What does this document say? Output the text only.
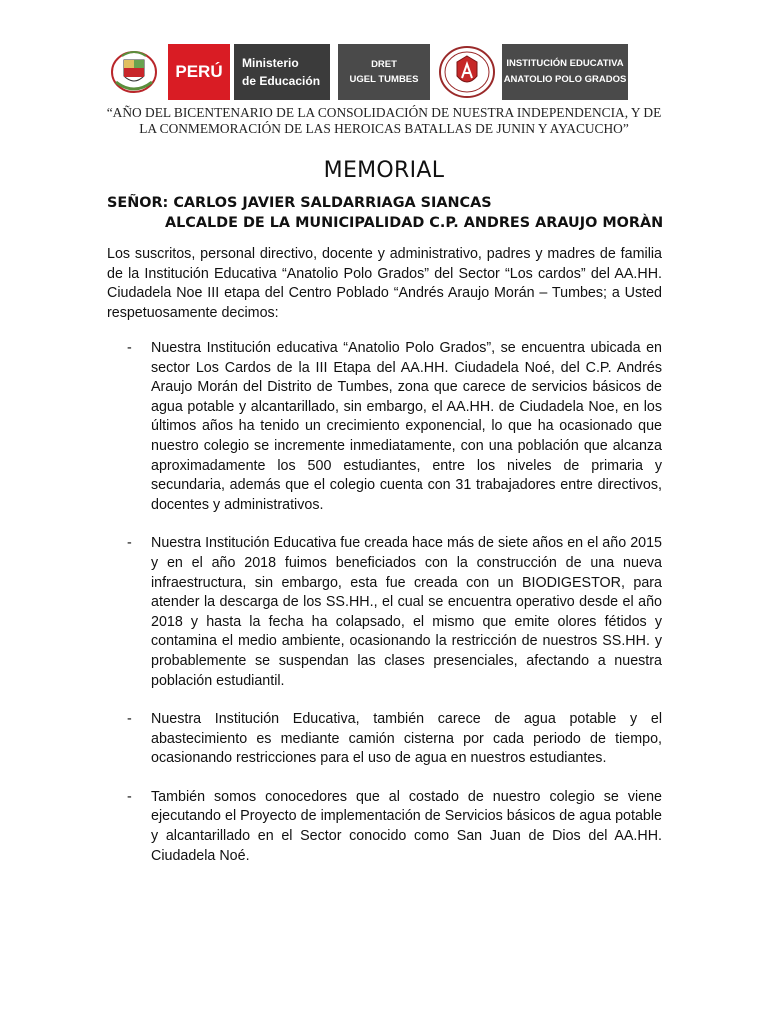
PERÚ	Ministerio
de Educación
DRET
UGEL TUMBES
INSTITUCIÓN EDUCATIVA
ANATOLIO POLO GRADOS
“AÑO DEL BICENTENARIO DE LA CONSOLIDACIÓN DE NUESTRA INDEPENDENCIA, Y DE LA CONMEMORACIÓN DE LAS HEROICAS BATALLAS DE JUNIN Y AYACUCHO”
MEMORIAL
SEÑOR: CARLOS JAVIER SALDARRIAGA SIANCAS
ALCALDE DE LA MUNICIPALIDAD C.P. ANDRES ARAUJO MORÀN
Los suscritos, personal directivo, docente y administrativo, padres y madres de familia de la Institución Educativa “Anatolio Polo Grados” del Sector “Los cardos” del AA.HH. Ciudadela Noe III etapa del Centro Poblado “Andrés Araujo Morán – Tumbes; a Usted respetuosamente decimos:
- Nuestra Institución educativa “Anatolio Polo Grados”, se encuentra ubicada en sector Los Cardos de la III Etapa del AA.HH. Ciudadela Noé, del C.P. Andrés Araujo Morán del Distrito de Tumbes, zona que carece de servicios básicos de agua potable y alcantarillado, sin embargo, el AA.HH. de Ciudadela Noe, en los últimos años ha tenido un crecimiento exponencial, lo que ha ocasionado que nuestro colegio se incremente inmediatamente, con una población que alcanza aproximadamente los 500 estudiantes, entre los niveles de primaria y secundaria, además que el colegio cuenta con 31 trabajadores entre directivos, docentes y administrativos.
- Nuestra Institución Educativa fue creada hace más de siete años en el año 2015 y en el año 2018 fuimos beneficiados con la construcción de una nueva infraestructura, sin embargo, esta fue creada con un BIODIGESTOR, para atender la descarga de los SS.HH., el cual se encuentra operativo desde el año 2018 y hasta la fecha ha colapsado, el mismo que emite olores fétidos y contamina el medio ambiente, ocasionando la restricción de nuestros SS.HH. y probablemente se suspendan las clases presenciales, afectando a nuestra población estudiantil.
- Nuestra Institución Educativa, también carece de agua potable y el abastecimiento es mediante camión cisterna por cada periodo de tiempo, ocasionando restricciones para el uso de agua en nuestros estudiantes.
- También somos conocedores que al costado de nuestro colegio se viene ejecutando el Proyecto de implementación de Servicios básicos de agua potable y alcantarillado en el Sector conocido como San Juan de Dios del AA.HH. Ciudadela Noé.
